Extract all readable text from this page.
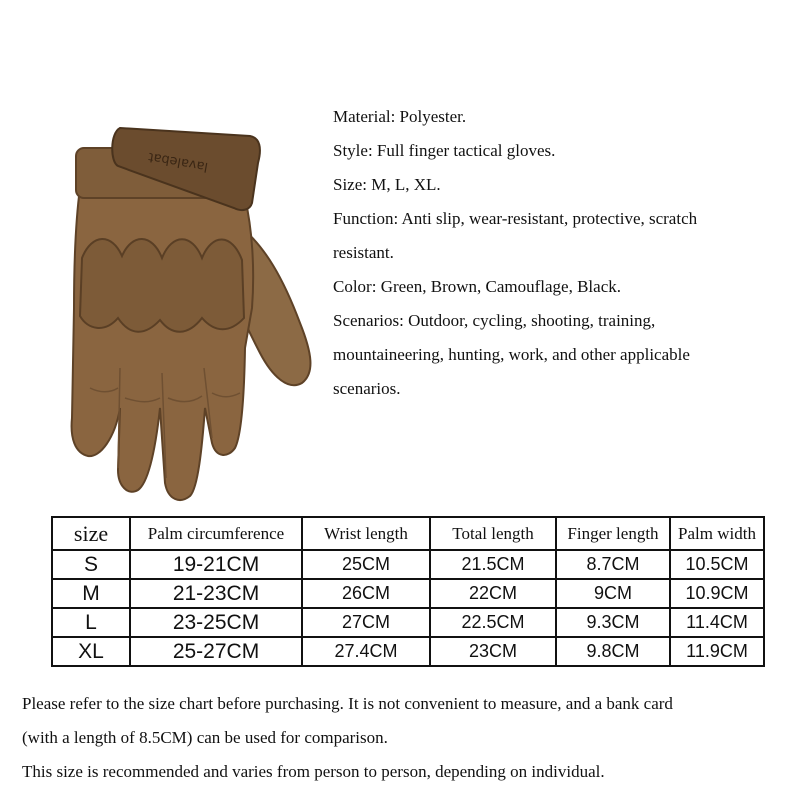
lavalebat
Material: Polyester.
Style: Full finger tactical gloves.
Size: M, L, XL.
Function: Anti slip, wear-resistant, protective, scratch
resistant.
Color: Green, Brown, Camouflage, Black.
Scenarios: Outdoor, cycling, shooting, training,
mountaineering, hunting, work, and other applicable
scenarios.
size	Palm circumference	Wrist length	Total length	Finger length	Palm width
S	19-21CM	25CM	21.5CM	8.7CM	10.5CM
M	21-23CM	26CM	22CM	9CM	10.9CM
L	23-25CM	27CM	22.5CM	9.3CM	11.4CM
XL	25-27CM	27.4CM	23CM	9.8CM	11.9CM
Please refer to the size chart before purchasing. It is not convenient to measure, and a bank card
(with a length of 8.5CM) can be used for comparison.
This size is recommended and varies from person to person, depending on individual.
